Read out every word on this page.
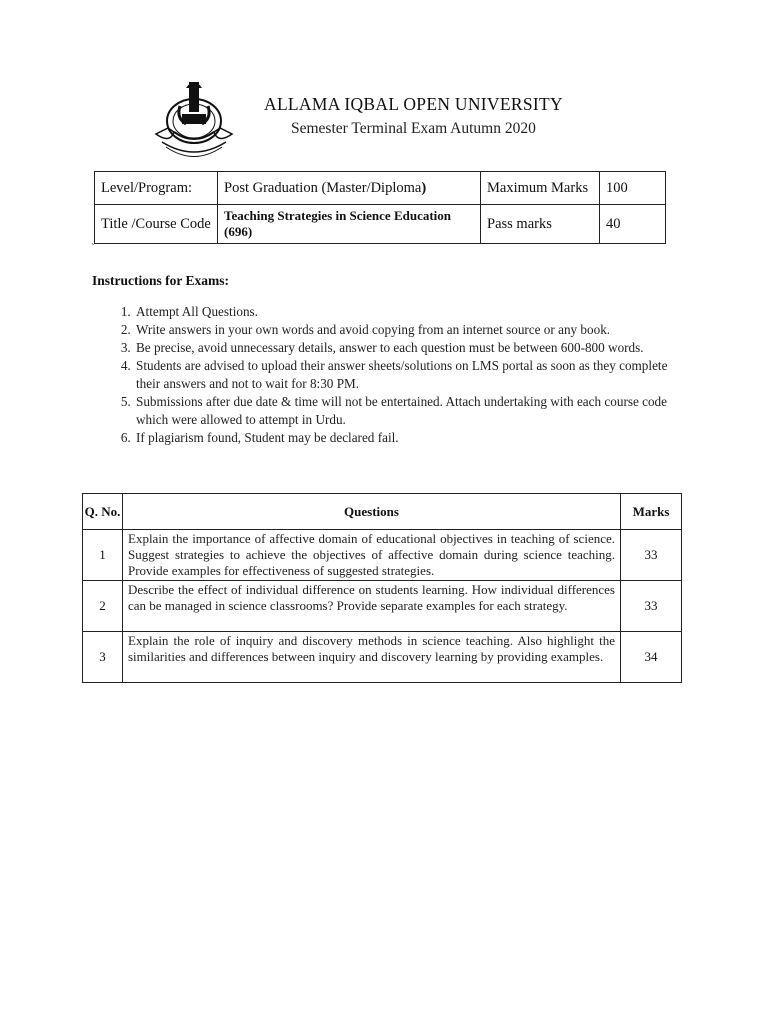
ALLAMA IQBAL OPEN UNIVERSITY
Semester Terminal Exam Autumn 2020
Level/Program:	Post Graduation (Master/Diploma)	Maximum Marks	100
Title /Course Code	Teaching Strategies in Science Education (696)	Pass marks	40
`
Instructions for Exams:
1. Attempt All Questions.
2. Write answers in your own words and avoid copying from an internet source or any book.
3. Be precise, avoid unnecessary details, answer to each question must be between 600-800 words.
4. Students are advised to upload their answer sheets/solutions on LMS portal as soon as they complete their answers and not to wait for 8:30 PM.
5. Submissions after due date & time will not be entertained. Attach undertaking with each course code which were allowed to attempt in Urdu.
6. If plagiarism found, Student may be declared fail.
Q. No.	Questions	Marks
1	Explain the importance of affective domain of educational objectives in teaching of science. Suggest strategies to achieve the objectives of affective domain during science teaching. Provide examples for effectiveness of suggested strategies.	33
2	Describe the effect of individual difference on students learning. How individual differences can be managed in science classrooms? Provide separate examples for each strategy.	33
3	Explain the role of inquiry and discovery methods in science teaching. Also highlight the similarities and differences between inquiry and discovery learning by providing examples.	34
